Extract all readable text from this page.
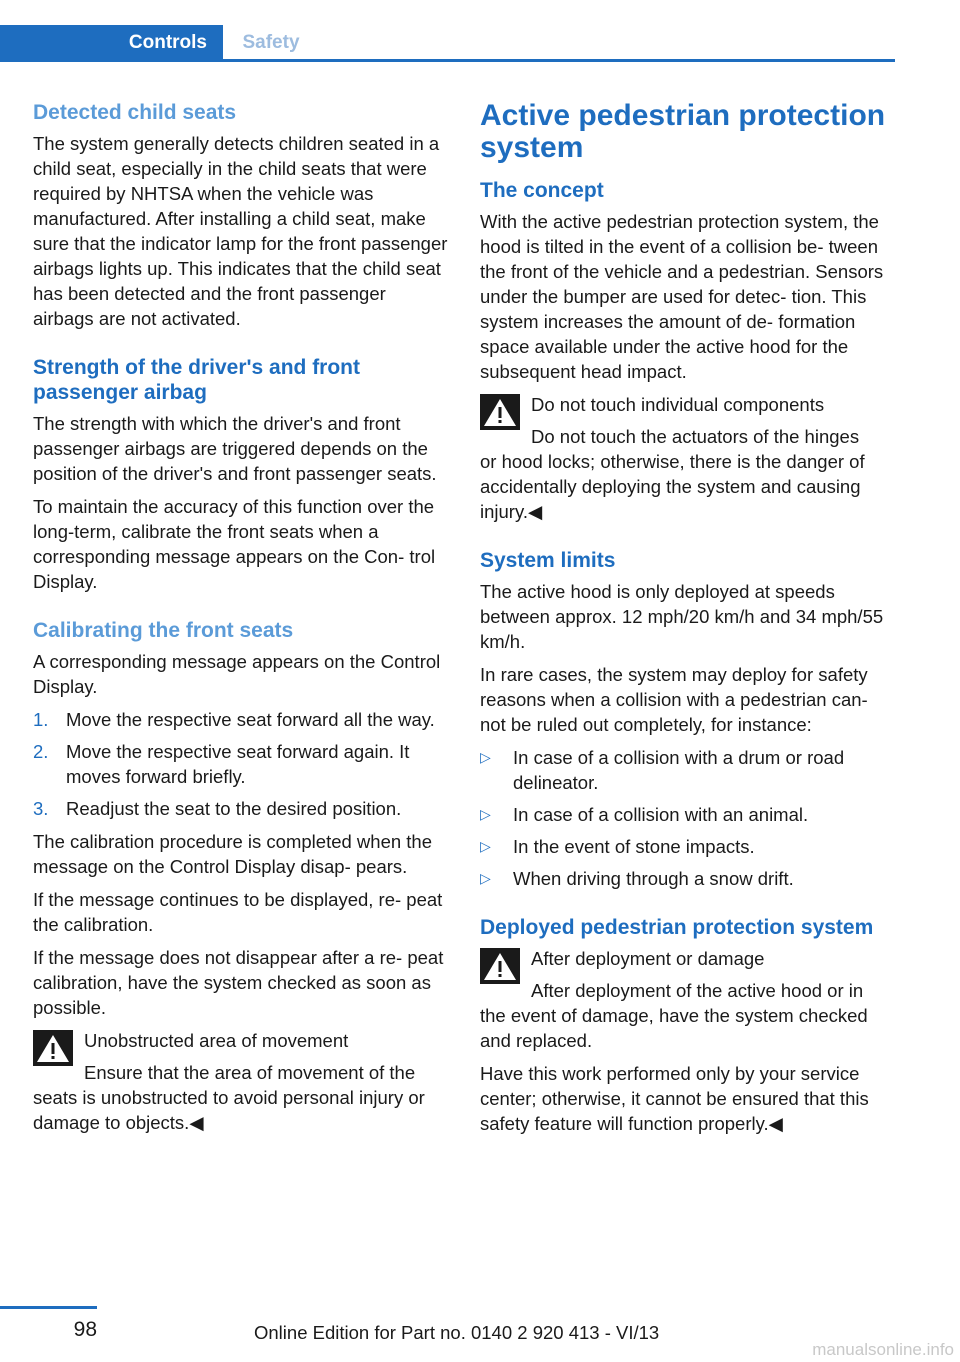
Controls	Safety
Detected child seats

The system generally detects children seated in a child seat, especially in the child seats that were required by NHTSA when the vehicle was manufactured. After installing a child seat, make sure that the indicator lamp for the front passenger airbags lights up. This indicates that the child seat has been detected and the front passenger airbags are not activated.

Strength of the driver's and front passenger airbag

The strength with which the driver's and front passenger airbags are triggered depends on the position of the driver's and front passenger seats.

To maintain the accuracy of this function over the long-term, calibrate the front seats when a corresponding message appears on the Con‐ trol Display.

Calibrating the front seats

A corresponding message appears on the Control Display.

1. Move the respective seat forward all the way.
2. Move the respective seat forward again. It moves forward briefly.
3. Readjust the seat to the desired position.

The calibration procedure is completed when the message on the Control Display disap‐ pears.

If the message continues to be displayed, re‐ peat the calibration.

If the message does not disappear after a re‐ peat calibration, have the system checked as soon as possible.

Unobstructed area of movement
Ensure that the area of movement of the
seats is unobstructed to avoid personal injury or damage to objects.◀
Active pedestrian protection system
The concept

With the active pedestrian protection system, the hood is tilted in the event of a collision be‐ tween the front of the vehicle and a pedestrian. Sensors under the bumper are used for detec‐ tion. This system increases the amount of de‐ formation space available under the active hood for the subsequent head impact.

Do not touch individual components
Do not touch the actuators of the hinges
or hood locks; otherwise, there is the danger of accidentally deploying the system and causing injury.◀
System limits

The active hood is only deployed at speeds between approx. 12 mph/20 km/h and 34 mph/55 km/h.

In rare cases, the system may deploy for safety reasons when a collision with a pedestrian can‐ not be ruled out completely, for instance:

▷ In case of a collision with a drum or road delineator.
▷ In case of a collision with an animal.
▷ In the event of stone impacts.
▷ When driving through a snow drift.
Deployed pedestrian protection system
After deployment or damage
After deployment of the active hood or in
the event of damage, have the system checked and replaced.

Have this work performed only by your service center; otherwise, it cannot be ensured that this safety feature will function properly.◀

98	Online Edition for Part no. 0140 2 920 413 - VI/13
manualsonline.info
